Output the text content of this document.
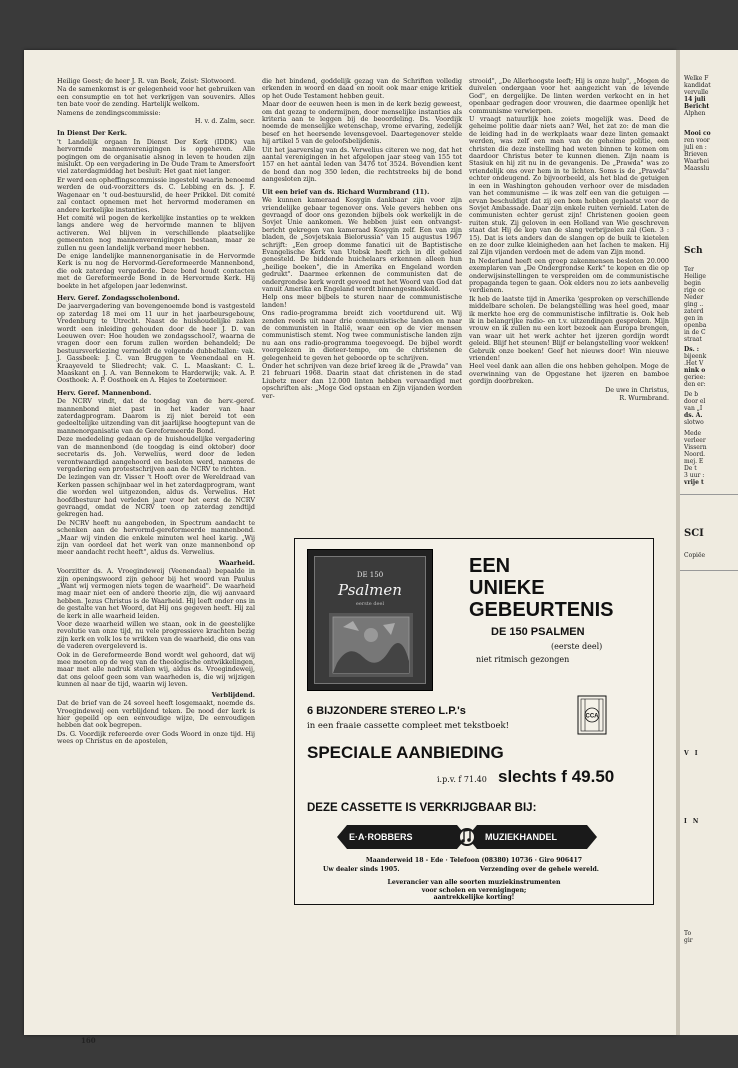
Heilige Geest; de heer J. R. van Beek, Zeist: Slotwoord.

Na de samenkomst is er gelegenheid voor het gebruiken van een consumptie en tot het verkrijgen van souvenirs. Alles ten bate voor de zending. Hartelijk welkom.

Namens de zendingscommissie:

H. v. d. Zalm, secr.

In Dienst Der Kerk.

't Landelijk orgaan In Dienst Der Kerk (IDDK) van hervormde mannenverenigingen is opgeheven. Alle pogingen om de organisatie alsnog in leven te houden zijn mislukt. Op een vergadering in De Oude Tram te Amersfoort viel zaterdagmiddag het besluit: Het gaat niet langer.

Er werd een opheffingscommissie ingesteld waarin benoemd werden de oud-voorzitters ds. C. Lebbing en ds. J. F. Wagenaar en 't oud-bestuurslid, de heer Prikkel. Dit comité zal contact opnemen met het hervormd moderamen en andere kerkelijke instanties.

Het comité wil pogen de kerkelijke instanties op te wekken langs andere weg de hervormde mannen te blijven activeren. Wel blijven in verschillende plaatselijke gemeenten nog mannenverenigingen bestaan, maar ze zullen nu geen landelijk verband meer hebben.

De enige landelijke mannenorganisatie in de Hervormde Kerk is nu nog de Hervormd-Gereformeerde Mannenbond, die ook zaterdag vergaderde. Deze bond houdt contacten met de Gereformeerde Bond in de Hervormde Kerk. Hij boekte in het afgelopen jaar ledenwinst.

Herv. Geref. Zondagsscholenbond.

De jaarvergadering van bovengenoemde bond is vastgesteld op zaterdag 18 mei om 11 uur in het jaarbeursgebouw, Vredenburg te Utrecht. Naast de huishoudelijke zaken wordt een inleiding gehouden door de heer J. D. van Leeuwen over: Hoe houden we zondagsschool?, waarna de vragen door een forum zullen worden behandeld; De bestuursverkiezing vermeldt de volgende dubbeltallen: vak. J. Gassbeek: J. C. van Bruggen te Veenendaal en H. Kraayeveld te Sliedrecht; vak. C. L. Maaskant: C. L. Maaskant en J. A. van Bennekom te Harderwijk; vak. A. P. Oosthoek: A. P. Oosthoek en A. Hajes te Zoetermeer.

Herv. Geref. Mannenbond.

De NCRV vindt, dat de toogdag van de herv.-geref. mannenbond niet past in het kader van haar zaterdagprogram. Daarom is zij niet bereid tot een gedeeltelijke uitzending van dit jaarlijkse hoogtepunt van de mannenorganisatie van de Gereformeerde Bond.

Deze mededeling gedaan op de huishoudelijke vergadering van de mannenbond (de toogdag is eind oktober) door secretaris ds. Joh. Verwelius, werd door de leden verontwaardigd aangehoord en besloten werd, namens de vergadering een protestschrijven aan de NCRV te richten.

De lezingen van dr. Visser 't Hooft over de Wereldraad van Kerken passen schijnbaar wel in het zaterdagprogram, want die worden wel uitgezonden, aldus ds. Verwelius. Het hoofdbestuur had verleden jaar voor het eerst de NCRV gevraagd, omdat de NCRV toen op zaterdag zendtijd gekregen had.

De NCRV heeft nu aangeboden, in Spectrum aandacht te schenken aan de hervormd-gereformeerde mannenbond. „Maar wij vinden die enkele minuten wel heel karig. „Wij zijn van oordeel dat het werk van onze mannenbond op meer aandacht recht heeft", aldus ds. Verwelius.

Waarheid.

Voorzitter ds. A. Vroegindeweij (Veenendaal) bepaalde in zijn openingswoord zijn gehoor bij het woord van Paulus „Want wij vermogen niets tegen de waarheid". De waarheid mag maar niet een of andere theorie zijn, die wij aanvaard hebben. Jezus Christus is de Waarheid. Hij leeft onder ons in de gestalte van het Woord, dat Hij ons gegeven heeft. Hij zal de kerk in alle waarheid leiden.

Voor deze waarheid willen we staan, ook in de geestelijke revolutie van onze tijd, nu vele progressieve krachten bezig zijn kerk en volk los te wrikken van de waarheid, die ons van de vaderen overgeleverd is.

Ook in de Gereformeerde Bond wordt wel gehoord, dat wij mee moeten op de weg van de theologische ontwikkelingen, maar met alle nadruk stellen wij, aldus ds. Vroegindeweij, dat ons geloof geen som van waarheden is, die wij wijzigen kunnen al naar de tijd, waarin wij leven.

Verblijdend.

Dat de brief van de 24 soveel heeft losgemaakt, noemde ds. Vroegindeweij een verblijdend teken. De nood der kerk is hier gepeild op een eenvoudige wijze, De eenvoudigen hebben dat ook begrepen.

Ds. G. Voordijk refereerde over Gods Woord in onze tijd. Hij wees op Christus en de apostelen,

die het bindend, goddelijk gezag van de Schriften volledig erkenden in woord en daad en nooit ook maar enige kritiek op het Oude Testament hebben geuit.

Maar door de eeuwen heen is men in de kerk bezig geweest, om dat gezag te ondermijnen, door menselijke instanties als kriteria aan te leggen bij de beoordeling. Ds. Voordijk noemde de menselijke wetenschap, vrome ervaring, zedelijk besef en het heersende levensgevoel. Daartegenover stelde hij artikel 5 van de geloofsbelijdenis.

Uit het jaarverslag van ds. Verwelius citeren we nog, dat het aantal verenigingen in het afgelopen jaar steeg van 155 tot 157 en het aantal leden van 3476 tot 3524. Bovendien kent de bond dan nog 350 leden, die rechtstreeks bij de bond aangesloten zijn.

Uit een brief van ds. Richard Wurmbrand (11).

We kunnen kameraad Kosygin dankbaar zijn voor zijn vriendelijke gebaar tegenover ons. Vele gevers hebben ons gevraagd of door ons gezonden bijbels ook werkelijk in de Sovjet Unie aankomen. We hebben juist een ontvangst-bericht gekregen van kameraad Kosygin zelf. Een van zijn bladen, de „Sovjetskaia Bielorussia" van 15 augustus 1967 schrijft: „Een groep domme fanatici uit de Baptistische Evangelische Kerk van Utebsk heeft zich in dit gebied genesteld. De biddende huichelaars erkennen alleen hun „heilige boeken", die in Amerika en Engeland worden gedrukt". Daarmee erkennen de communisten dat de ondergrondse kerk wordt gevoed met het Woord van God dat vanuit Amerika en Engeland wordt binnengesmokkeld.

Help ons meer bijbels te sturen naar de communistische landen!

Ons radio-programma breidt zich voortdurend uit. Wij zenden reeds uit naar drie communistische landen en naar de communisten in Italië, waar een op de vier mensen communistisch stemt. Nog twee communistische landen zijn nu aan ons radio-programma toegevoegd. De bijbel wordt voorgelezen in dieteer-tempo, om de christenen de gelegenheid te geven het geboorde op te schrijven.

Onder het schrijven van deze brief kreeg ik de „Prawda" van 21 februari 1968. Daarin staat dat christenen in de stad Liubetz meer dan 12.000 linten hebben vervaardigd met opschriften als: „Moge God opstaan en Zijn vijanden worden ver-

strooid", „De Allerhoogste leeft; Hij is onze hulp", „Mogen de duivelen ondergaan voor het aangezicht van de levende God", en dergelijke. De linten werden verkocht en in het openbaar gedragen door vrouwen, die daarmee openlijk het communisme verwierpen.

U vraagt natuurlijk hoe zoiets mogelijk was. Deed de geheime politie daar niets aan? Wel, het zat zo: de man die de leiding had in de werkplaats waar deze linten gemaakt werden, was zelf een man van de geheime politie, een christen die deze instelling had weten binnen te komen om daardoor Christus beter te kunnen dienen. Zijn naam is Stasiuk en hij zit nu in de gevangenis. De „Prawda" was zo vriendelijk ons over hem in te lichten. Soms is de „Prawda" echter ondeugend. Zo bijvoorbeeld, als het blad de getuigen in een in Washington gehouden verhoor over de misdaden van het communisme — ik was zelf een van die getuigen — ervan beschuldigt dat zij een bom hebben geplaatst voor de Sovjet Ambassade. Daar zijn enkele ruiten vernield. Laten de communisten echter gerust zijn! Christenen gooien geen ruiten stuk. Zij geloven in een Holland van Wie geschreven staat dat Hij de kop van de slang verbrijzelen zal (Gen. 3 : 15). Dat is iets anders dan de slangen op de buik te kietelen en ze door zulke kleinigheden aan het lachen te maken. Hij zal Zijn vijanden verdoen met de adem van Zijn mond.

In Nederland heeft een groep zakenmensen besloten 20.000 exemplaren van „De Ondergrondse Kerk" te kopen en die op onderwijsinstellingen te verspreiden om de communistische propaganda tegen te gaan. Ook elders nou zo iets aanbevelig verdienen.

Ik heb de laatste tijd in Amerika 'gesproken op verschillende middelbare scholen. De belangstelling was heel goed, maar ik merkte hoe erg de communistische infiltratie is. Ook heb ik in belangrijke radio- en t.v. uitzendingen gesproken. Mijn vrouw en ik zullen nu een kort bezoek aan Europa brengen, van waar uit het werk achter het ijzeren gordijn wordt geleid. Blijf het steunen! Blijf er belangstelling voor wekken! Gebruik onze boeken! Geef het nieuws door! Win nieuwe vrienden!

Heel veel dank aan allen die ons hebben geholpen. Moge de overwinning van de Opgestane het ijzeren en bamboe gordijn doorbreken.

De uwe in Christus,

R. Wurmbrand.

160
DE 150
Psalmen
eerste deel
EEN
UNIEKE
GEBEURTENIS
DE 150 PSALMEN
(eerste deel)
niet ritmisch gezongen
6 BIJZONDERE STEREO L.P.'s
in een fraaie cassette compleet met tekstboek!
CCA
SPECIALE AANBIEDING
i.p.v. f 71.40 slechts f 49.50
DEZE CASSETTE IS VERKRIJGBAAR BIJ:
E·A·ROBBERS	MUZIEKHANDEL
Maanderweid 18 - Ede · Telefoon (08380) 10736 · Giro 906417
Uw dealer sinds 1905.	Verzending over de gehele wereld.
Leverancier van alle soorten muziekinstrumenten
voor scholen en verenigingen;
aantrekkelijke korting!
Welke F
kandidat
vervulle
14 juli
Bericht
Alphen
Mooi co
ren voor
juli en :
Brieven
Waarhei
Maasslu
Sch
Ter
Heilige
begin
rige oc
Neder
ging ..
zaterd
gen in
openba
in de C
straat
Ds. :
bijeenk
.Het V
nink o
geriee:
den er:
De b
door el
van „I
ds. A.
slotwo
Mede
verleer
Vissern
Noord.
mej. E
De t
3 uur :
vrije t
SCI
Copiëe
V I
I N
To
gir
